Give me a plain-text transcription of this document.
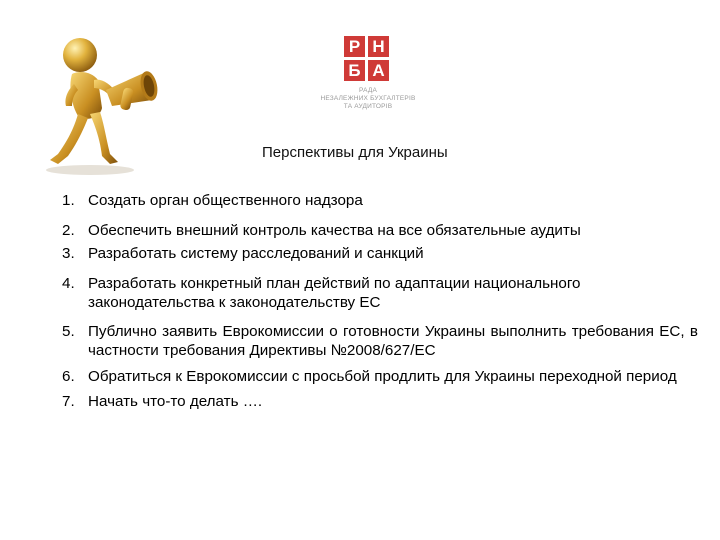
Р Н
Б А
РАДА
НЕЗАЛЕЖНИХ БУХГАЛТЕРІВ
ТА АУДИТОРІВ
Перспективы для Украины
1. Создать орган общественного надзора
2. Обеспечить внешний контроль качества на все обязательные аудиты
3. Разработать систему расследований и санкций
4. Разработать конкретный план действий по адаптации национального законодательства к законодательству ЕС
5. Публично заявить Еврокомиссии о готовности Украины выполнить требования ЕС, в частности требования Директивы №2008/627/ЕС
6. Обратиться к Еврокомиссии с просьбой продлить для Украины переходной период
7. Начать что-то делать ….
